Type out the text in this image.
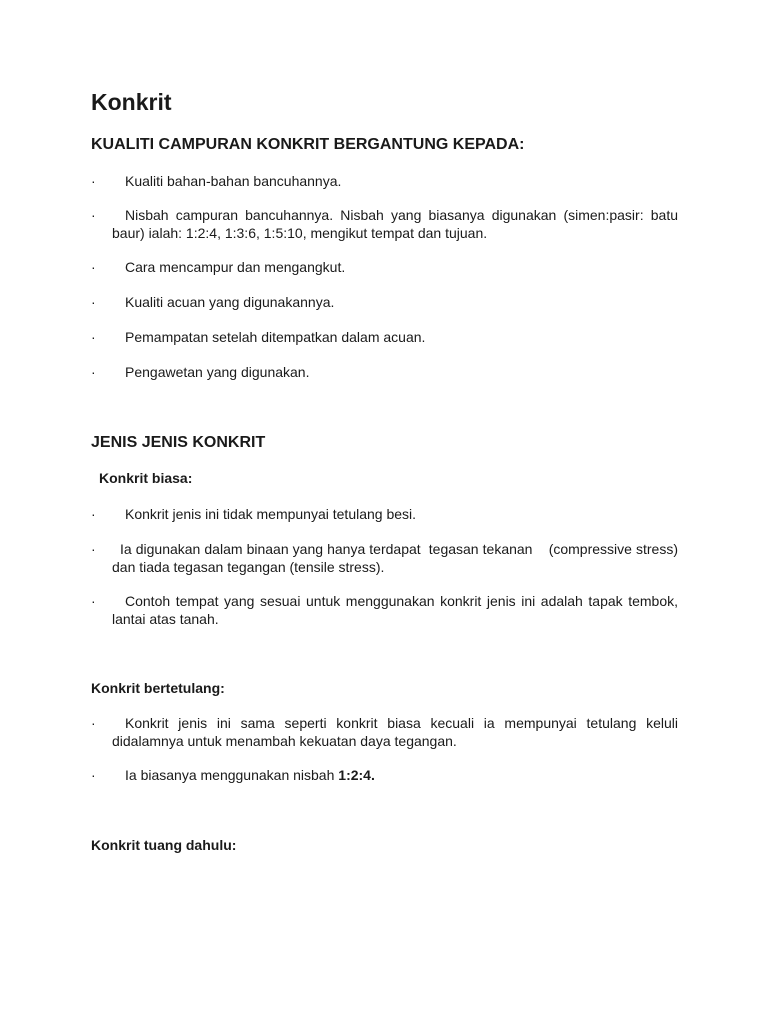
Konkrit
KUALITI CAMPURAN KONKRIT BERGANTUNG KEPADA:
·	Kualiti bahan-bahan bancuhannya.
·	Nisbah campuran bancuhannya. Nisbah yang biasanya digunakan (simen:pasir: batu baur) ialah: 1:2:4, 1:3:6, 1:5:10, mengikut tempat dan tujuan.
·	Cara mencampur dan mengangkut.
·	Kualiti acuan yang digunakannya.
·	Pemampatan setelah ditempatkan dalam acuan.
·	Pengawetan yang digunakan.
JENIS JENIS KONKRIT
Konkrit biasa:
·	Konkrit jenis ini tidak mempunyai tetulang besi.
·	Ia digunakan dalam binaan yang hanya terdapat  tegasan tekanan    (compressive stress) dan tiada tegasan tegangan (tensile stress).
·	Contoh tempat yang sesuai untuk menggunakan konkrit jenis ini adalah tapak tembok, lantai atas tanah.
Konkrit bertetulang:
·	Konkrit jenis ini sama seperti konkrit biasa kecuali ia mempunyai tetulang keluli didalamnya untuk menambah kekuatan daya tegangan.
·	Ia biasanya menggunakan nisbah 1:2:4.
Konkrit tuang dahulu:
